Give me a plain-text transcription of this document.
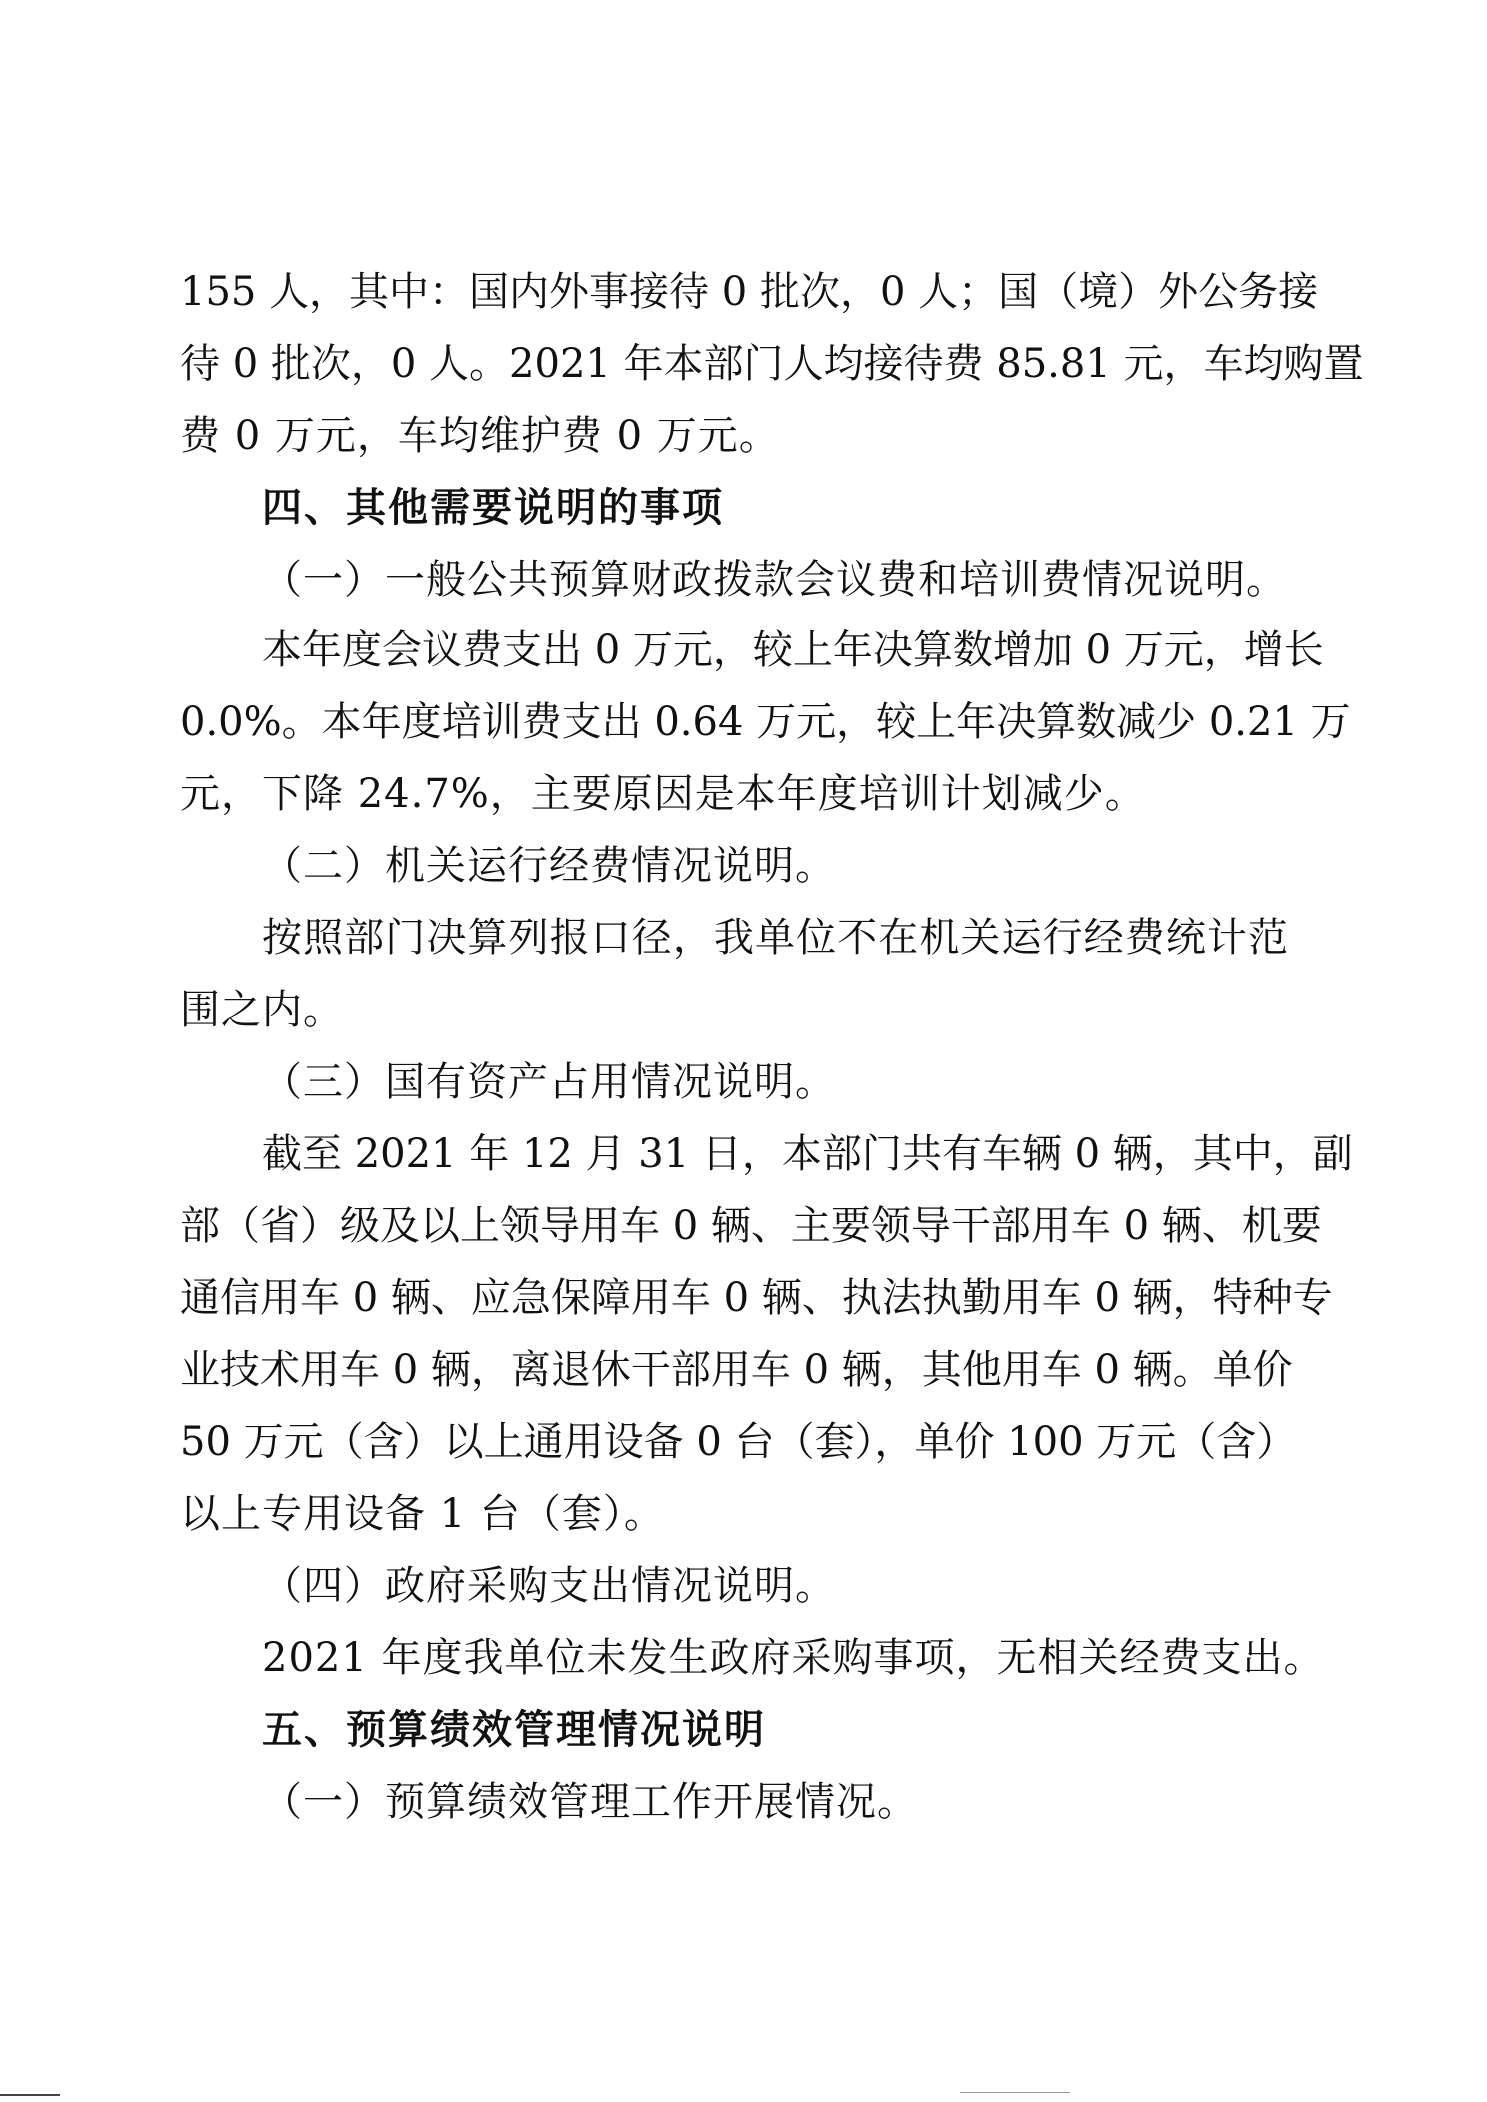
155 人，其中：国内外事接待 0 批次，0 人；国（境）外公务接
待 0 批次，0 人。2021 年本部门人均接待费 85.81 元，车均购置
费 0 万元，车均维护费 0 万元。
四、其他需要说明的事项
（一）一般公共预算财政拨款会议费和培训费情况说明。
本年度会议费支出 0 万元，较上年决算数增加 0 万元，增长
0.0%。本年度培训费支出 0.64 万元，较上年决算数减少 0.21 万
元，下降 24.7%，主要原因是本年度培训计划减少。
（二）机关运行经费情况说明。
按照部门决算列报口径，我单位不在机关运行经费统计范
围之内。
（三）国有资产占用情况说明。
截至 2021 年 12 月 31 日，本部门共有车辆 0 辆，其中，副
部（省）级及以上领导用车 0 辆、主要领导干部用车 0 辆、机要
通信用车 0 辆、应急保障用车 0 辆、执法执勤用车 0 辆，特种专
业技术用车 0 辆，离退休干部用车 0 辆，其他用车 0 辆。单价
50 万元（含）以上通用设备 0 台（套），单价 100 万元（含）
以上专用设备 1 台（套）。
（四）政府采购支出情况说明。
2021 年度我单位未发生政府采购事项，无相关经费支出。
五、预算绩效管理情况说明
（一）预算绩效管理工作开展情况。
